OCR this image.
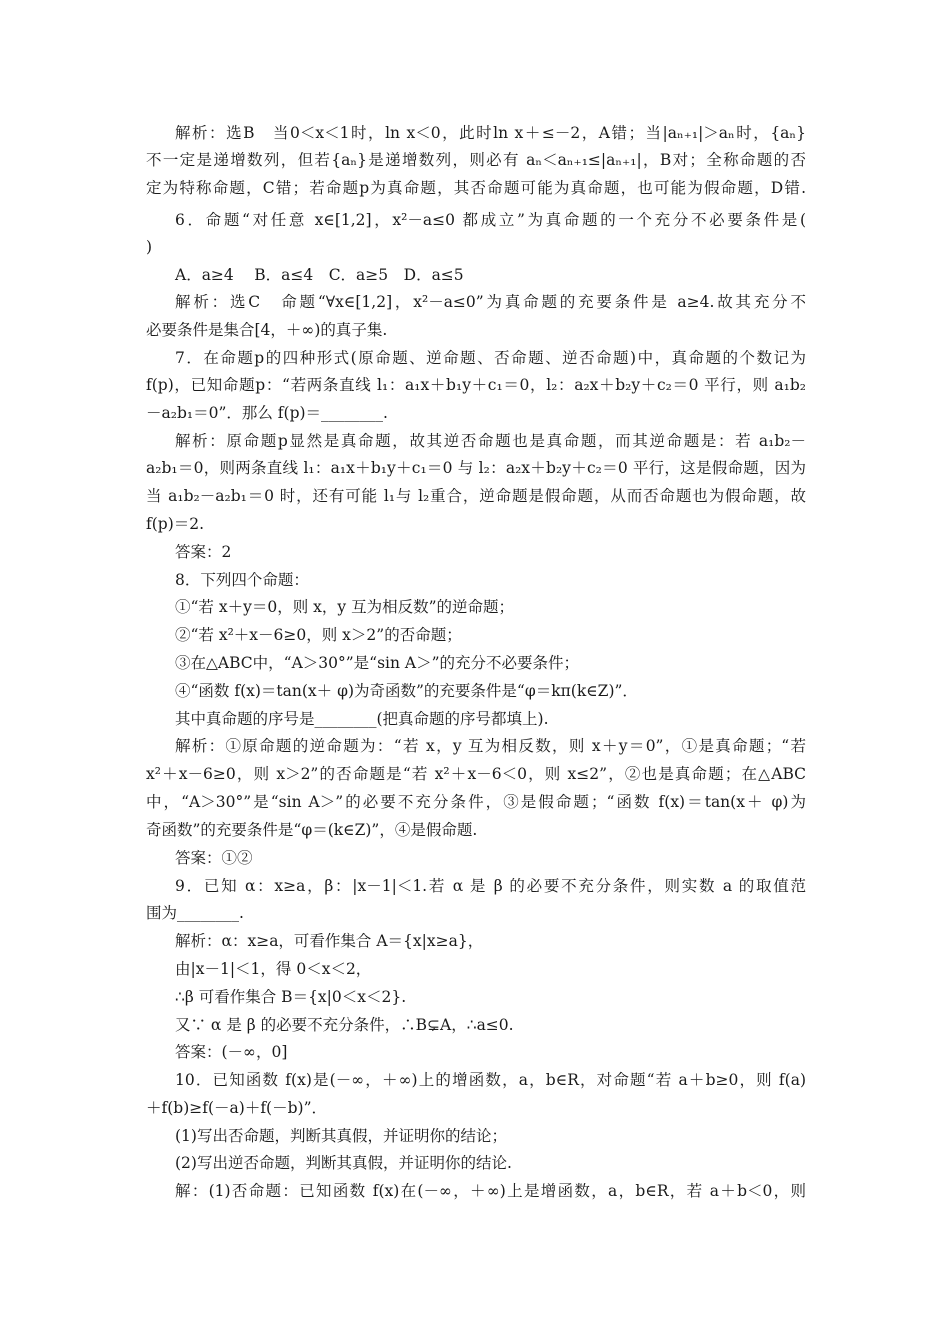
解析：选B　当0＜x＜1时，ln x＜0，此时ln x＋≤－2，A错；当|aₙ₊₁|＞aₙ时，{aₙ}
不一定是递增数列，但若{aₙ}是递增数列，则必有 aₙ＜aₙ₊₁≤|aₙ₊₁|，B对；全称命题的否
定为特称命题，C错；若命题p为真命题，其否命题可能为真命题，也可能为假命题，D错.
6．命题“对任意 x∈[1,2]，x²－a≤0 都成立”为真命题的一个充分不必要条件是(
)
A．a≥4　 B．a≤4　C．a≥5　D．a≤5
解析：选C　命题“∀x∈[1,2]，x²－a≤0”为真命题的充要条件是 a≥4.故其充分不
必要条件是集合[4，＋∞)的真子集.
7．在命题p的四种形式(原命题、逆命题、否命题、逆否命题)中，真命题的个数记为
f(p)，已知命题p：“若两条直线 l₁：a₁x＋b₁y＋c₁＝0，l₂：a₂x＋b₂y＋c₂＝0 平行，则 a₁b₂
－a₂b₁＝0”．那么 f(p)＝________.
解析：原命题p显然是真命题，故其逆否命题也是真命题，而其逆命题是：若 a₁b₂－
a₂b₁＝0，则两条直线 l₁：a₁x＋b₁y＋c₁＝0 与 l₂：a₂x＋b₂y＋c₂＝0 平行，这是假命题，因为
当 a₁b₂－a₂b₁＝0 时，还有可能 l₁与 l₂重合，逆命题是假命题，从而否命题也为假命题，故
f(p)＝2.
答案：2
8．下列四个命题：
①“若 x＋y＝0，则 x，y 互为相反数”的逆命题；
②“若 x²＋x－6≥0，则 x＞2”的否命题；
③在△ABC中，“A＞30°”是“sin A＞”的充分不必要条件；
④“函数 f(x)＝tan(x＋ φ)为奇函数”的充要条件是“φ＝kπ(k∈Z)”．
其中真命题的序号是________(把真命题的序号都填上).
解析：①原命题的逆命题为：“若 x，y 互为相反数，则 x＋y＝0”，①是真命题；“若
x²＋x－6≥0，则 x＞2”的否命题是“若 x²＋x－6＜0，则 x≤2”，②也是真命题；在△ABC
中，“A＞30°”是“sin A＞”的必要不充分条件，③是假命题；“函数 f(x)＝tan(x＋ φ)为
奇函数”的充要条件是“φ＝(k∈Z)”，④是假命题.
答案：①②
9．已知 α：x≥a，β：|x－1|＜1.若 α 是 β 的必要不充分条件，则实数 a 的取值范
围为________.
解析：α：x≥a，可看作集合 A＝{x|x≥a}，
由|x－1|＜1，得 0＜x＜2，
∴β 可看作集合 B＝{x|0＜x＜2}.
又∵ α 是 β 的必要不充分条件，∴B⊊A，∴a≤0.
答案：(－∞，0]
10．已知函数 f(x)是(－∞，＋∞)上的增函数，a，b∈R，对命题“若 a＋b≥0，则 f(a)
＋f(b)≥f(－a)＋f(－b)”．
(1)写出否命题，判断其真假，并证明你的结论；
(2)写出逆否命题，判断其真假，并证明你的结论.
解：(1)否命题：已知函数 f(x)在(－∞，＋∞)上是增函数，a，b∈R，若 a＋b＜0，则
